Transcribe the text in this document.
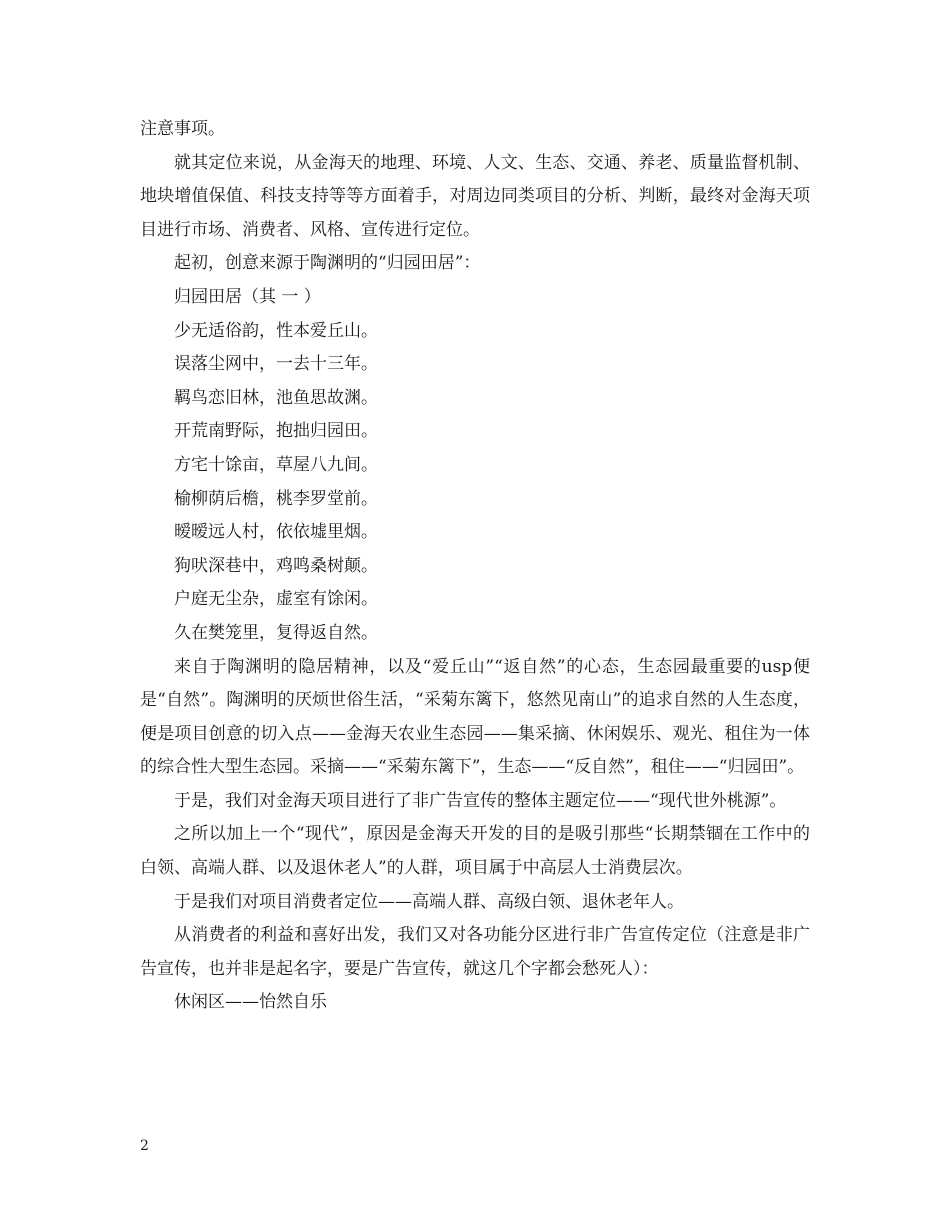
注意事项。

就其定位来说，从金海天的地理、环境、人文、生态、交通、养老、质量监督机制、地块增值保值、科技支持等等方面着手，对周边同类项目的分析、判断，最终对金海天项目进行市场、消费者、风格、宣传进行定位。

起初，创意来源于陶渊明的“归园田居”：

归园田居（其 一 ）

少无适俗韵，性本爱丘山。

误落尘网中，一去十三年。

羁鸟恋旧林，池鱼思故渊。

开荒南野际，抱拙归园田。

方宅十馀亩，草屋八九间。

榆柳荫后檐，桃李罗堂前。

暧暧远人村，依依墟里烟。

狗吠深巷中，鸡鸣桑树颠。

户庭无尘杂，虚室有馀闲。

久在樊笼里，复得返自然。

来自于陶渊明的隐居精神，以及“爱丘山”“返自然”的心态，生态园最重要的usp便是“自然”。陶渊明的厌烦世俗生活，“采菊东篱下，悠然见南山”的追求自然的人生态度，便是项目创意的切入点——金海天农业生态园——集采摘、休闲娱乐、观光、租住为一体的综合性大型生态园。采摘——“采菊东篱下”，生态——“反自然”，租住——“归园田”。

于是，我们对金海天项目进行了非广告宣传的整体主题定位——“现代世外桃源”。

之所以加上一个“现代”，原因是金海天开发的目的是吸引那些“长期禁锢在工作中的白领、高端人群、以及退休老人”的人群，项目属于中高层人士消费层次。

于是我们对项目消费者定位——高端人群、高级白领、退休老年人。

从消费者的利益和喜好出发，我们又对各功能分区进行非广告宣传定位（注意是非广告宣传，也并非是起名字，要是广告宣传，就这几个字都会愁死人）：

休闲区——怡然自乐

2
